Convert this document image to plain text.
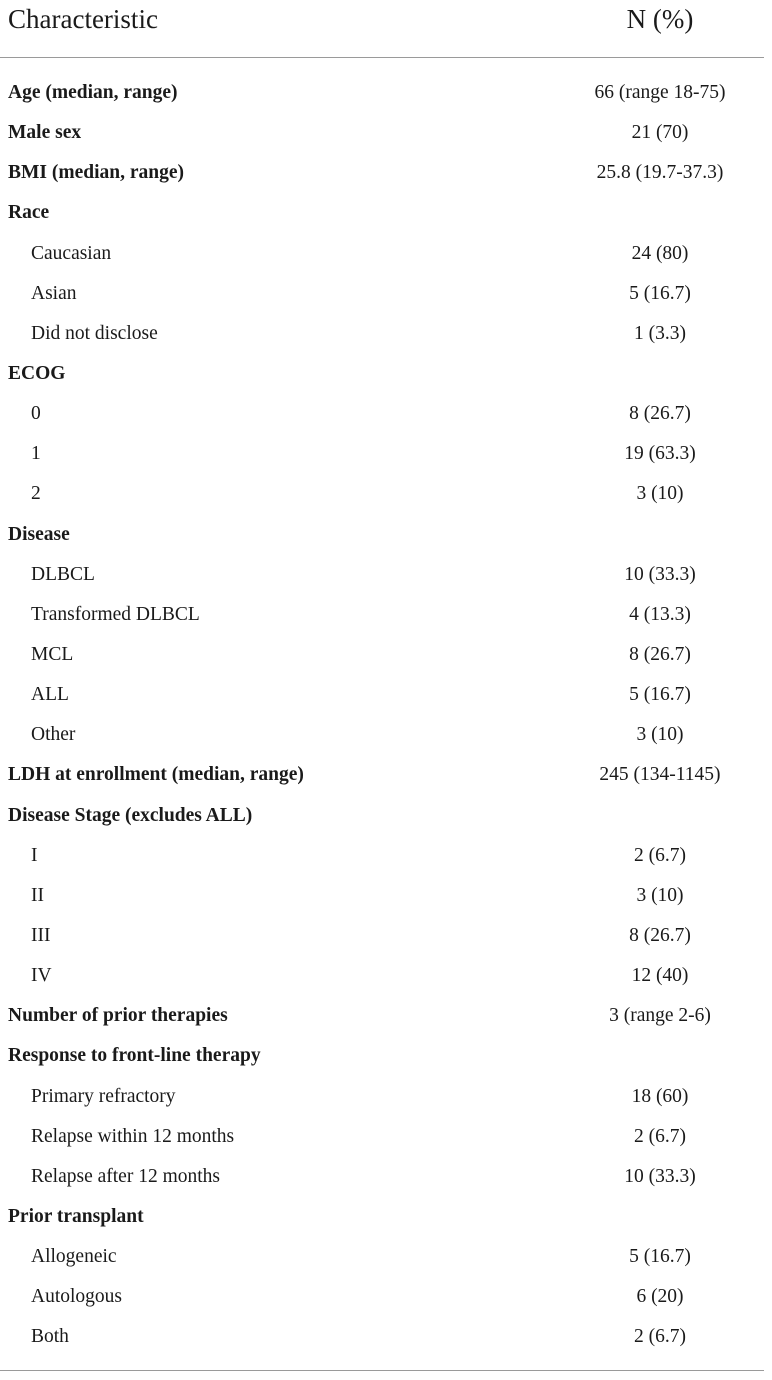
Characteristic	N (%)
Age (median, range)	66 (range 18-75)
Male sex	21 (70)
BMI (median, range)	25.8 (19.7-37.3)
Race
Caucasian	24 (80)
Asian	5 (16.7)
Did not disclose	1 (3.3)
ECOG
0	8 (26.7)
1	19 (63.3)
2	3 (10)
Disease
DLBCL	10 (33.3)
Transformed DLBCL	4 (13.3)
MCL	8 (26.7)
ALL	5 (16.7)
Other	3 (10)
LDH at enrollment (median, range)	245 (134-1145)
Disease Stage (excludes ALL)
I	2 (6.7)
II	3 (10)
III	8 (26.7)
IV	12 (40)
Number of prior therapies	3 (range 2-6)
Response to front-line therapy
Primary refractory	18 (60)
Relapse within 12 months	2 (6.7)
Relapse after 12 months	10 (33.3)
Prior transplant
Allogeneic	5 (16.7)
Autologous	6 (20)
Both	2 (6.7)
